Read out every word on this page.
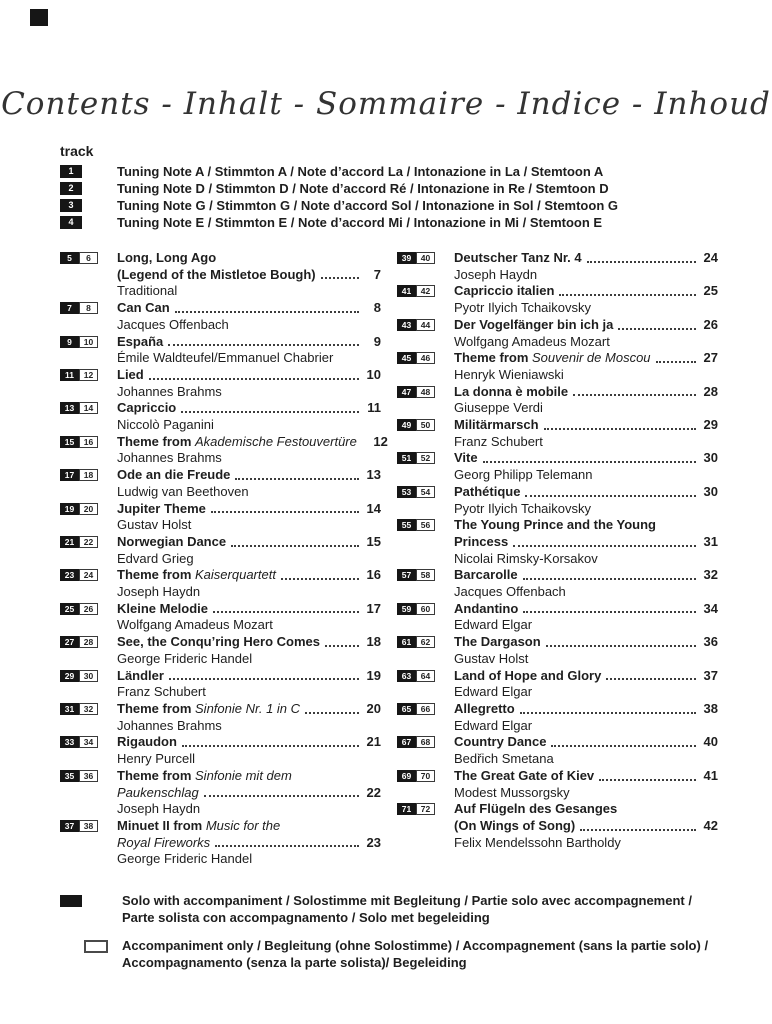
Contents - Inhalt - Sommaire - Indice - Inhoud
track
1	Tuning Note A / Stimmton A / Note d’accord La / Intonazione in La / Stemtoon A
2	Tuning Note D / Stimmton D / Note d’accord Ré / Intonazione in Re / Stemtoon D
3	Tuning Note G / Stimmton G / Note d’accord Sol / Intonazione in Sol / Stemtoon G
4	Tuning Note E / Stimmton E / Note d’accord Mi / Intonazione in Mi / Stemtoon E
5	6	Long, Long Ago
(Legend of the Mistletoe Bough)	7
Traditional
7	8	Can Can	8
Jacques Offenbach
9	10	España	9
Émile Waldteufel/Emmanuel Chabrier
11	12	Lied	10
Johannes Brahms
13	14	Capriccio	11
Niccolò Paganini
15	16	Theme from Akademische Festouvertüre 12
Johannes Brahms
17	18	Ode an die Freude	13
Ludwig van Beethoven
19	20	Jupiter Theme	14
Gustav Holst
21	22	Norwegian Dance	15
Edvard Grieg
23	24	Theme from Kaiserquartett	16
Joseph Haydn
25	26	Kleine Melodie	17
Wolfgang Amadeus Mozart
27	28	See, the Conqu’ring Hero Comes	18
George Frideric Handel
29	30	Ländler	19
Franz Schubert
31	32	Theme from Sinfonie Nr. 1 in C	20
Johannes Brahms
33	34	Rigaudon	21
Henry Purcell
35	36	Theme from Sinfonie mit dem
Paukenschlag	22
Joseph Haydn
37	38	Minuet II from Music for the
Royal Fireworks	23
George Frideric Handel
39	40	Deutscher Tanz Nr. 4	24
Joseph Haydn
41	42	Capriccio italien	25
Pyotr Ilyich Tchaikovsky
43	44	Der Vogelfänger bin ich ja	26
Wolfgang Amadeus Mozart
45	46	Theme from Souvenir de Moscou	27
Henryk Wieniawski
47	48	La donna è mobile	28
Giuseppe Verdi
49	50	Militärmarsch	29
Franz Schubert
51	52	Vite	30
Georg Philipp Telemann
53	54	Pathétique	30
Pyotr Ilyich Tchaikovsky
55	56	The Young Prince and the Young
Princess	31
Nicolai Rimsky-Korsakov
57	58	Barcarolle	32
Jacques Offenbach
59	60	Andantino	34
Edward Elgar
61	62	The Dargason	36
Gustav Holst
63	64	Land of Hope and Glory	37
Edward Elgar
65	66	Allegretto	38
Edward Elgar
67	68	Country Dance	40
Bedřich Smetana
69	70	The Great Gate of Kiev	41
Modest Mussorgsky
71	72	Auf Flügeln des Gesanges
(On Wings of Song)	42
Felix Mendelssohn Bartholdy
Solo with accompaniment / Solostimme mit Begleitung / Partie solo avec accompagnement / Parte solista con accompagnamento / Solo met begeleiding
Accompaniment only / Begleitung (ohne Solostimme) / Accompagnement (sans la partie solo) / Accompagnamento (senza la parte solista)/ Begeleiding
